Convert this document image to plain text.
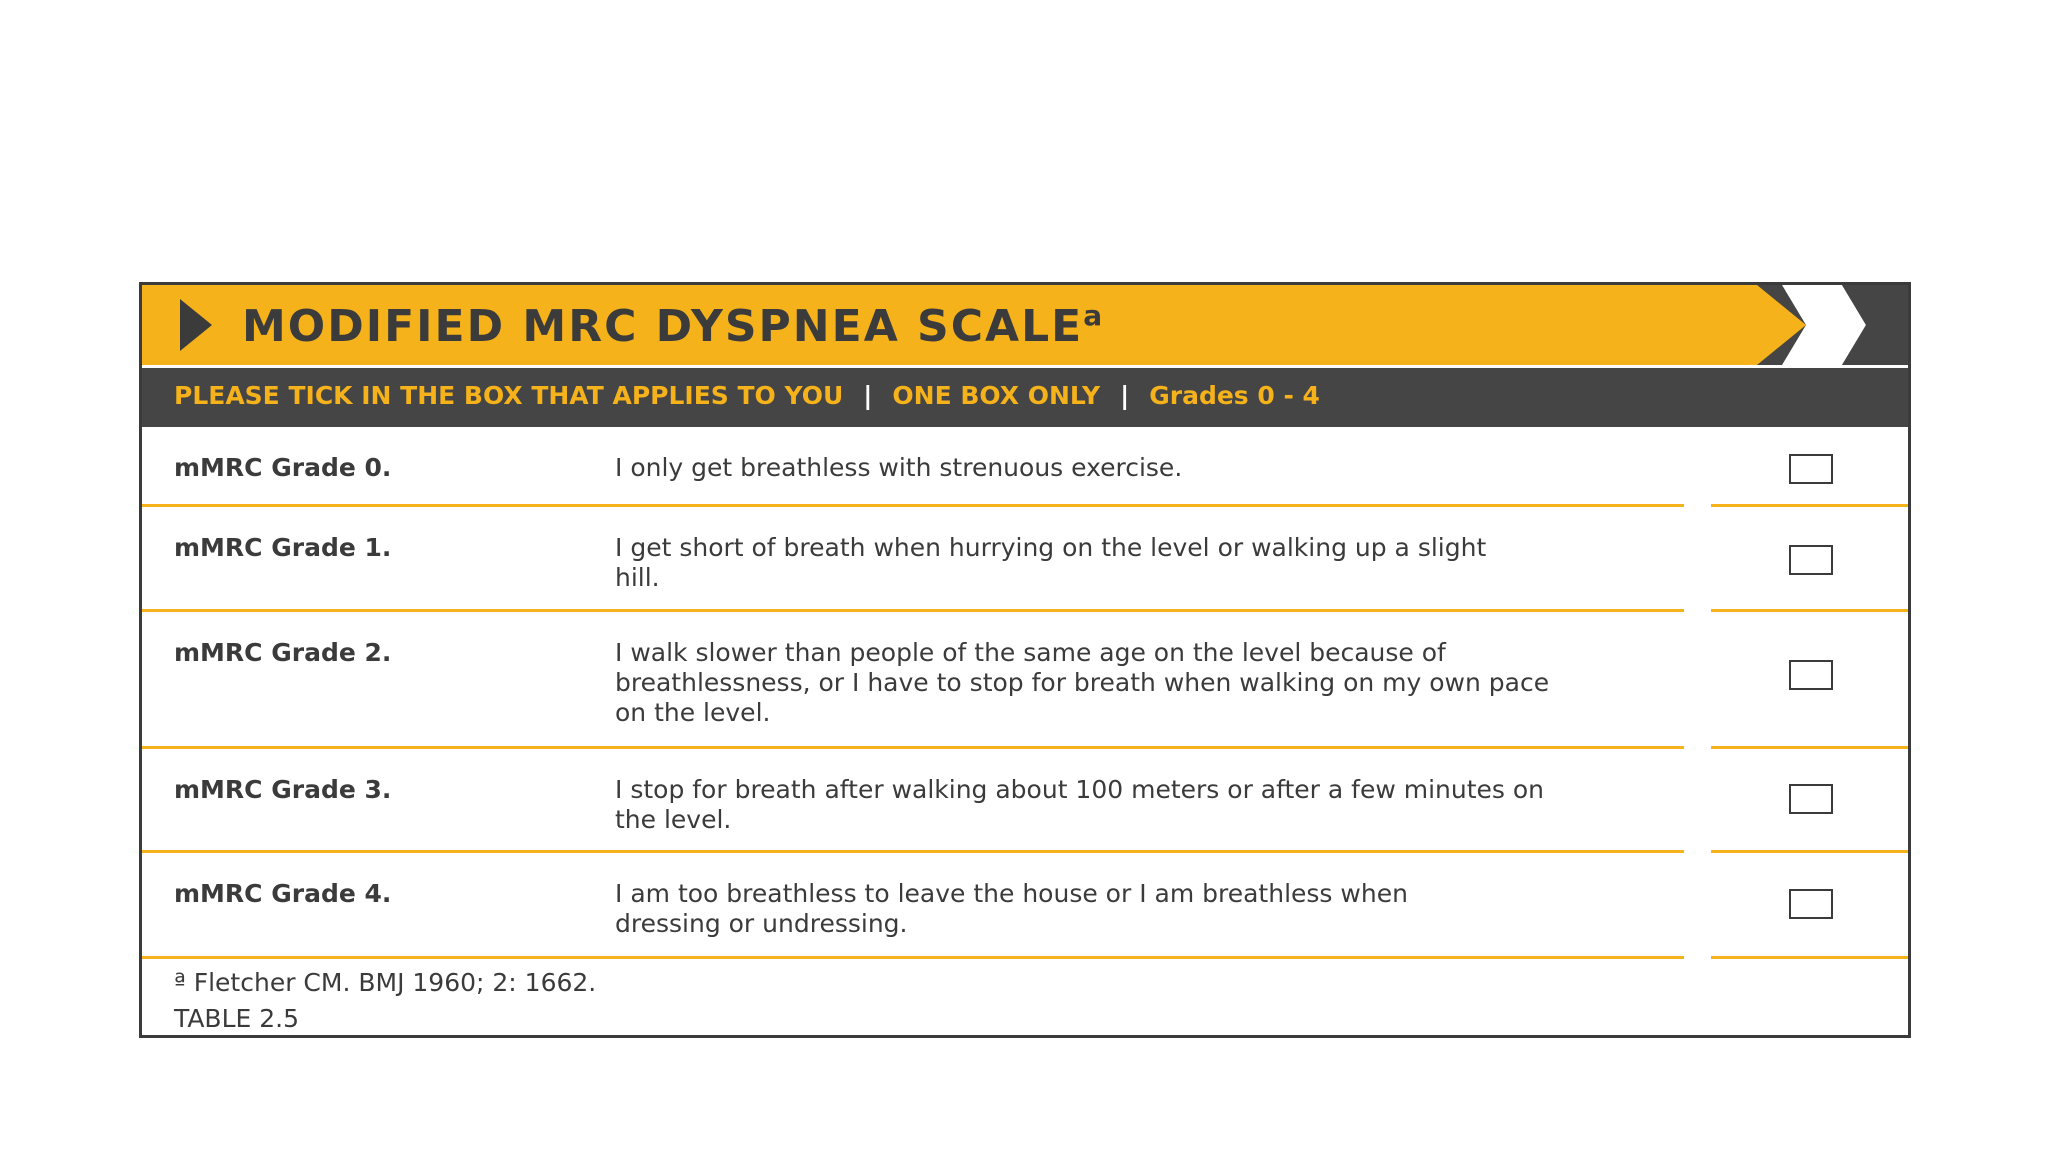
MODIFIED MRC DYSPNEA SCALE$^a$
PLEASE TICK IN THE BOX THAT APPLIES TO YOU | ONE BOX ONLY | Grades 0 - 4
mMRC Grade 0.	I only get breathless with strenuous exercise.
mMRC Grade 1.	I get short of breath when hurrying on the level or walking up a slight hill.
mMRC Grade 2.	I walk slower than people of the same age on the level because of breathlessness, or I have to stop for breath when walking on my own pace on the level.
mMRC Grade 3.	I stop for breath after walking about 100 meters or after a few minutes on the level.
mMRC Grade 4.	I am too breathless to leave the house or I am breathless when dressing or undressing.
ª Fletcher CM. BMJ 1960; 2: 1662.
TABLE 2.5
